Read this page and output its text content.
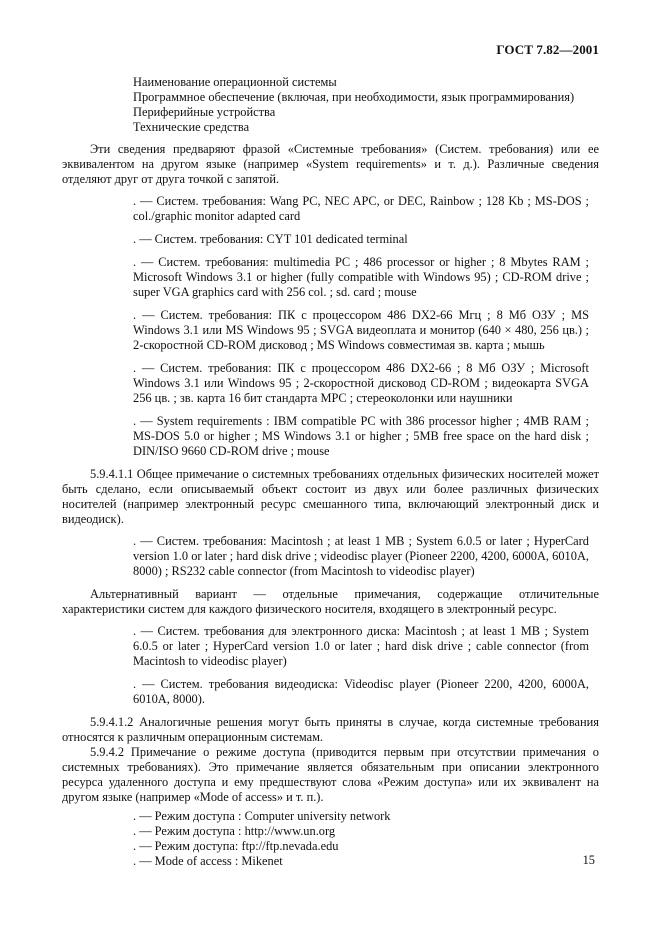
ГОСТ 7.82—2001

Наименование операционной системы

Программное обеспечение (включая, при необходимости, язык программирования)

Периферийные устройства

Технические средства

Эти сведения предваряют фразой «Системные требования» (Систем. требования) или ее эквивалентом на другом языке (например «System requirements» и т. д.). Различные сведения отделяют друг от друга точкой с запятой.

. — Систем. требования: Wang PC, NEC APC, or DEC, Rainbow ; 128 Kb ; MS-DOS ; col./graphic monitor adapted card

. — Систем. требования: CYT 101 dedicated terminal

. — Систем. требования: multimedia PC ; 486 processor or higher ; 8 Mbytes RAM ; Microsoft Windows 3.1 or higher (fully compatible with Windows 95) ; CD-ROM drive ; super VGA graphics card with 256 col. ; sd. card ; mouse

. — Систем. требования: ПК с процессором 486 DX2-66 Мгц ; 8 Мб ОЗУ ; MS Windows 3.1 или MS Windows 95 ; SVGA видеоплата и монитор (640 × 480, 256 цв.) ; 2-скоростной CD-ROM дисковод ; MS Windows совместимая зв. карта ; мышь

. — Систем. требования: ПК с процессором 486 DX2-66 ; 8 Мб ОЗУ ; Microsoft Windows 3.1 или Windows 95 ; 2-скоростной дисковод CD-ROM ; видеокарта SVGA 256 цв. ; зв. карта 16 бит стандарта MPC ; стереоколонки или наушники

. — System requirements : IBM compatible PC with 386 processor higher ; 4MB RAM ; MS-DOS 5.0 or higher ; MS Windows 3.1 or higher ; 5MB free space on the hard disk ; DIN/ISO 9660 CD-ROM drive ; mouse

5.9.4.1.1 Общее примечание о системных требованиях отдельных физических носителей может быть сделано, если описываемый объект состоит из двух или более различных физических носителей (например электронный ресурс смешанного типа, включающий электронный диск и видеодиск).

. — Систем. требования: Macintosh ; at least 1 MB ; System 6.0.5 or later ; HyperCard version 1.0 or later ; hard disk drive ; videodisc player (Pioneer 2200, 4200, 6000A, 6010A, 8000) ; RS232 cable connector (from Macintosh to videodisc player)

Альтернативный вариант — отдельные примечания, содержащие отличительные характеристики систем для каждого физического носителя, входящего в электронный ресурс.

. — Систем. требования для электронного диска: Macintosh ; at least 1 MB ; System 6.0.5 or later ; HyperCard version 1.0 or later ; hard disk drive ; cable connector (from Macintosh to videodisc player)

. — Систем. требования видеодиска: Videodisc player (Pioneer 2200, 4200, 6000A, 6010A, 8000).

5.9.4.1.2 Аналогичные решения могут быть приняты в случае, когда системные требования относятся к различным операционным системам.

5.9.4.2 Примечание о режиме доступа (приводится первым при отсутствии примечания о системных требованиях). Это примечание является обязательным при описании электронного ресурса удаленного доступа и ему предшествуют слова «Режим доступа» или их эквивалент на другом языке (например «Mode of access» и т. п.).

. — Режим доступа : Computer university network

. — Режим доступа : http://www.un.org

. — Режим доступа: ftp://ftp.nevada.edu

. — Mode of access : Mikenet	15
